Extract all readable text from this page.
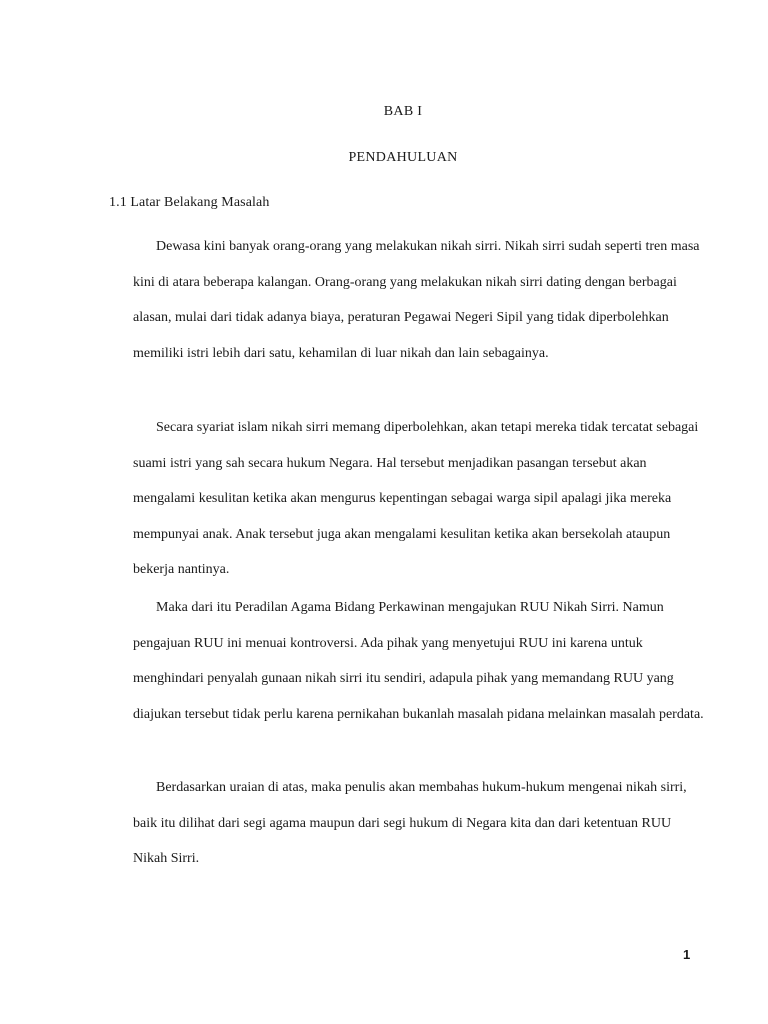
BAB I
PENDAHULUAN
1.1 Latar Belakang Masalah

Dewasa kini banyak orang-orang yang melakukan nikah sirri. Nikah sirri sudah seperti tren masa kini di atara beberapa kalangan. Orang-orang yang melakukan nikah sirri dating dengan berbagai alasan, mulai dari tidak adanya biaya, peraturan Pegawai Negeri Sipil yang tidak diperbolehkan memiliki istri lebih dari satu, kehamilan di luar nikah dan lain sebagainya.

Secara syariat islam nikah sirri memang diperbolehkan, akan tetapi mereka tidak tercatat sebagai suami istri yang sah secara hukum Negara. Hal tersebut menjadikan pasangan tersebut akan mengalami kesulitan ketika akan mengurus kepentingan sebagai warga sipil apalagi jika mereka mempunyai anak. Anak tersebut juga akan mengalami kesulitan ketika akan bersekolah ataupun bekerja nantinya.

Maka dari itu Peradilan Agama Bidang Perkawinan mengajukan RUU Nikah Sirri. Namun pengajuan RUU ini menuai kontroversi. Ada pihak yang menyetujui RUU ini karena untuk menghindari penyalah gunaan nikah sirri itu sendiri, adapula pihak yang memandang RUU yang diajukan tersebut tidak perlu karena pernikahan bukanlah masalah pidana melainkan masalah perdata.

Berdasarkan uraian di atas, maka penulis akan membahas hukum-hukum mengenai nikah sirri, baik itu dilihat dari segi agama maupun dari segi hukum di Negara kita dan dari ketentuan RUU Nikah Sirri.

1
